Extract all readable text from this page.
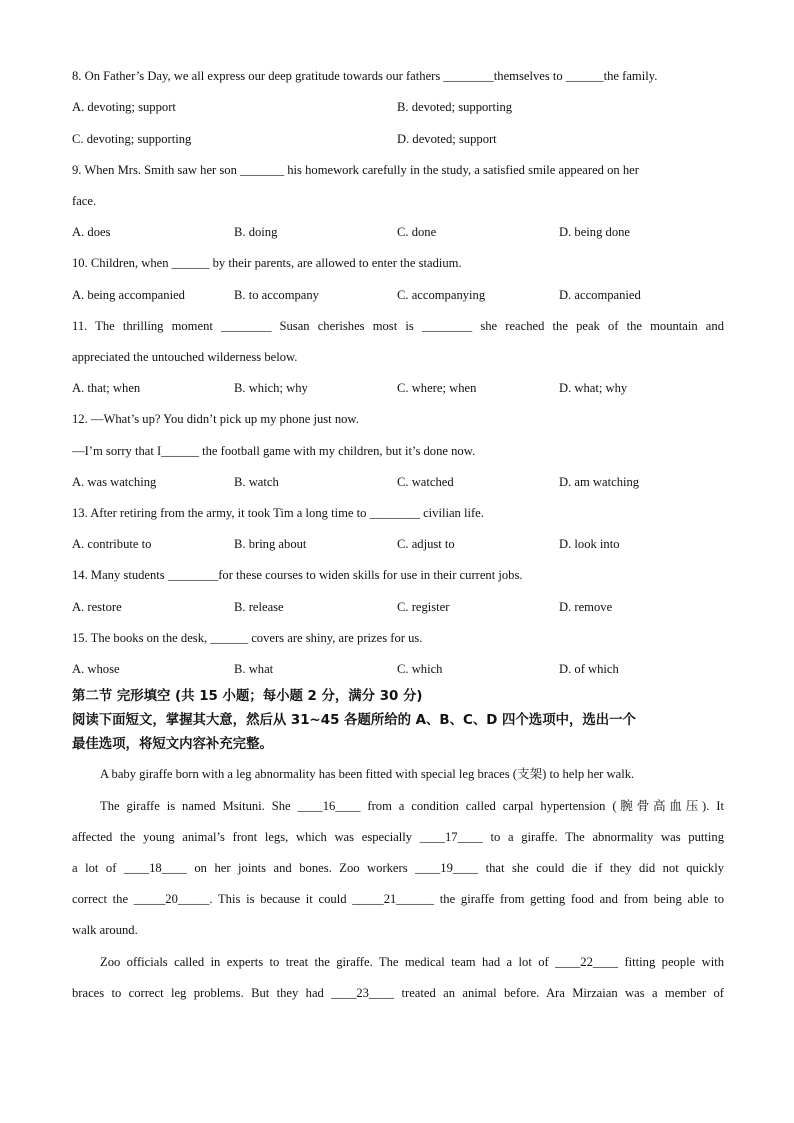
8. On Father’s Day, we all express our deep gratitude towards our fathers ________themselves to ______the family.
A. devoting; support	B. devoted; supporting
C. devoting; supporting	D. devoted; support
9. When Mrs. Smith saw her son _______ his homework carefully in the study, a satisfied smile appeared on her
face.
A. does	B. doing	C. done	D. being done
10. Children, when ______ by their parents, are allowed to enter the stadium.
A. being accompanied	B. to accompany	C. accompanying	D. accompanied
11. The thrilling moment ________ Susan cherishes most is ________ she reached the peak of the mountain and
appreciated the untouched wilderness below.
A. that; when	B. which; why	C. where; when	D. what; why
12. —What’s up? You didn’t pick up my phone just now.
—I’m sorry that I______ the football game with my children, but it’s done now.
A. was watching	B. watch	C. watched	D. am watching
13. After retiring from the army, it took Tim a long time to ________ civilian life.
A. contribute to	B. bring about	C. adjust to	D. look into
14. Many students ________for these courses to widen skills for use in their current jobs.
A. restore	B. release	C. register	D. remove
15. The books on the desk, ______ covers are shiny, are prizes for us.
A. whose	B. what	C. which	D. of which
第二节 完形填空 (共 15 小题；每小题 2 分，满分 30 分)
阅读下面短文，掌握其大意，然后从 31~45 各题所给的 A、B、C、D 四个选项中，选出一个
最佳选项，将短文内容补充完整。
A baby giraffe born with a leg abnormality has been fitted with special leg braces (支架) to help her walk.
The giraffe is named Msituni. She ____16____ from a condition called carpal hypertension (腕骨高血压). It
affected the young animal’s front legs, which was especially ____17____ to a giraffe. The abnormality was putting
a lot of ____18____ on her joints and bones. Zoo workers ____19____ that she could die if they did not quickly
correct the _____20_____. This is because it could _____21______ the giraffe from getting food and from being able to
walk around.
Zoo officials called in experts to treat the giraffe. The medical team had a lot of ____22____ fitting people with
braces to correct leg problems. But they had ____23____ treated an animal before. Ara Mirzaian was a member of
